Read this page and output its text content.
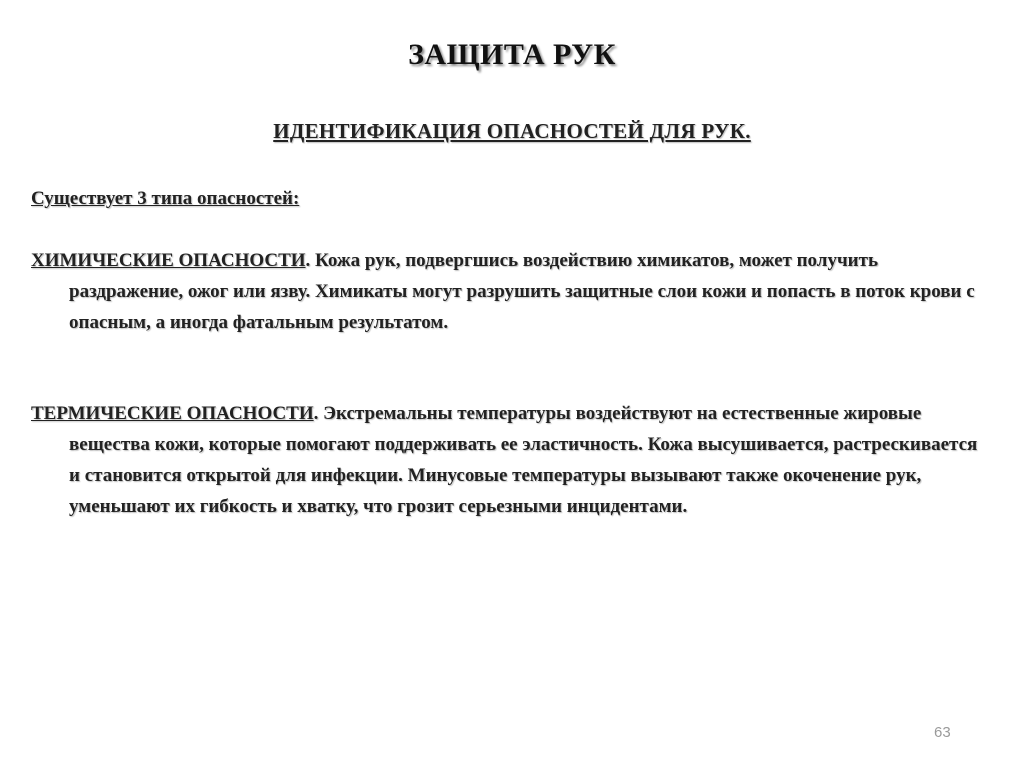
ЗАЩИТА РУК
ИДЕНТИФИКАЦИЯ ОПАСНОСТЕЙ ДЛЯ РУК.
Существует 3 типа опасностей:
ХИМИЧЕСКИЕ ОПАСНОСТИ. Кожа рук, подвергшись воздействию химикатов, может получить раздражение, ожог или язву. Химикаты могут разрушить защитные слои кожи и попасть в поток крови с опасным, а иногда фатальным результатом.
ТЕРМИЧЕСКИЕ ОПАСНОСТИ. Экстремальны температуры воздействуют на естественные жировые вещества кожи, которые помогают поддерживать ее эластичность. Кожа высушивается, растрескивается и становится открытой для инфекции. Минусовые температуры вызывают также окоченение рук, уменьшают их гибкость и хватку, что грозит серьезными инцидентами.
63
